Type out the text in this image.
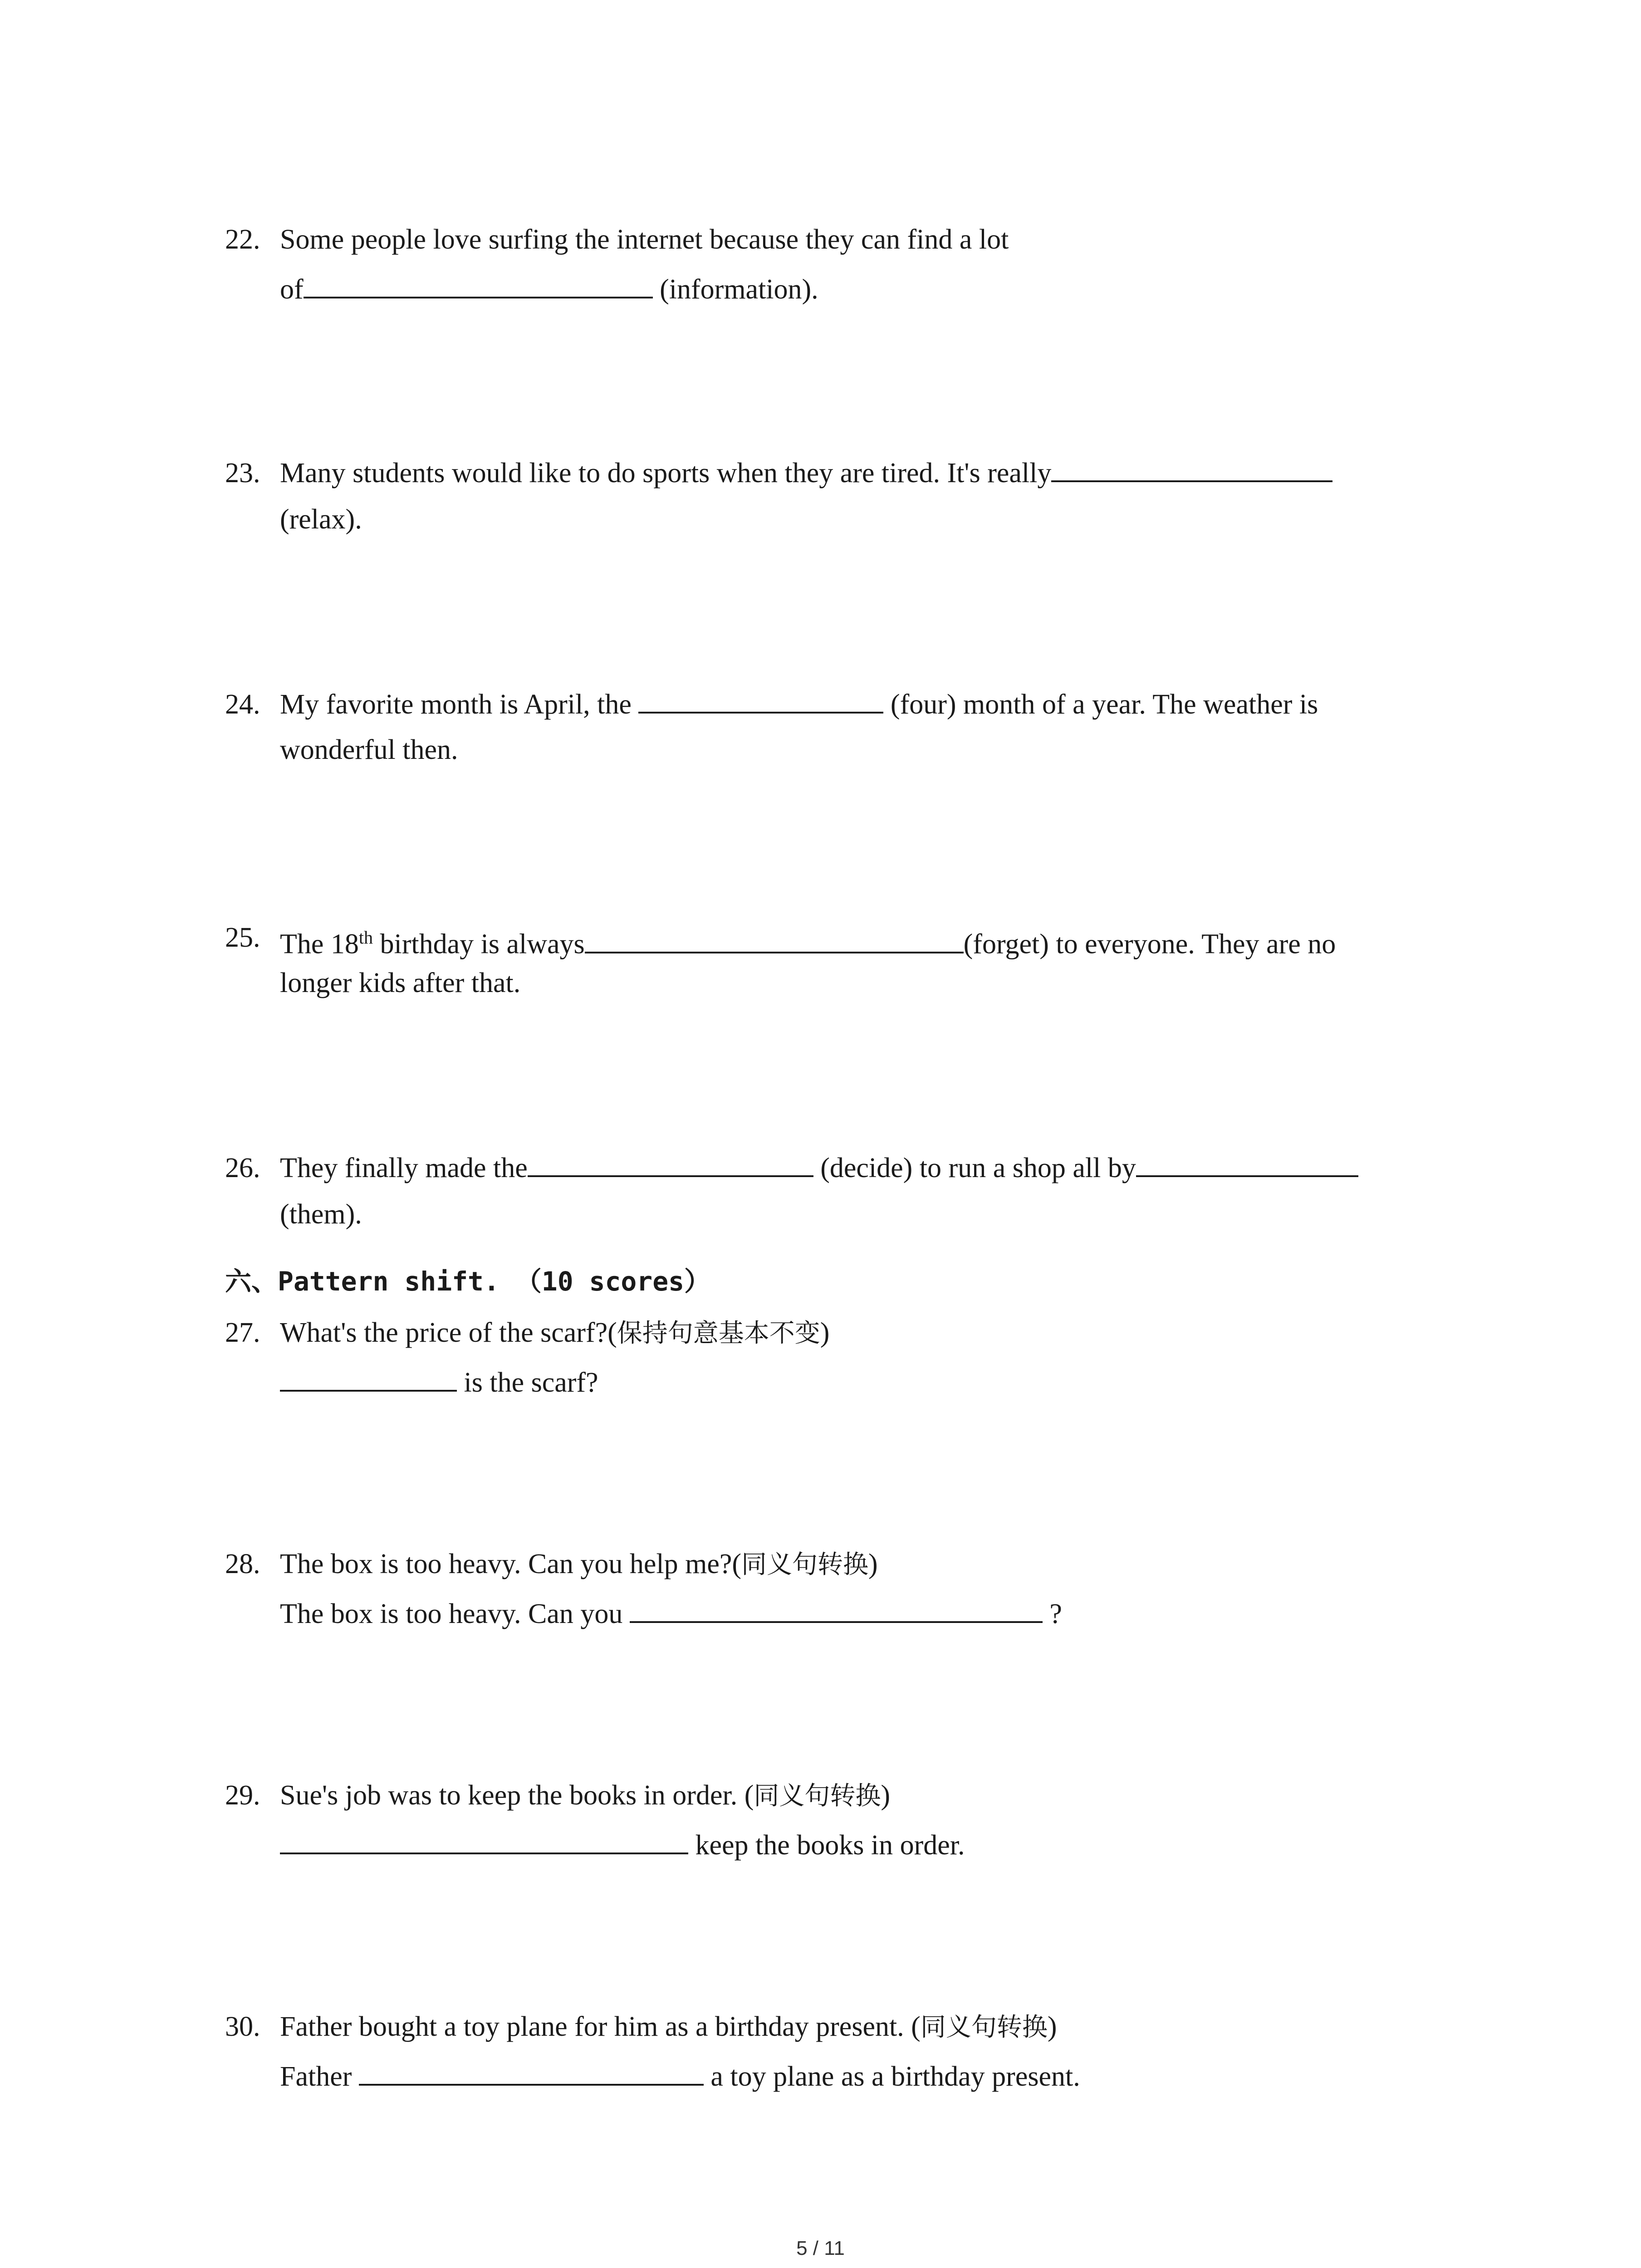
22. Some people love surfing the internet because they can find a lot
of	(information).
23. Many students would like to do sports when they are tired. It's really
(relax).
24. My favorite month is April, the	(four) month of a year. The weather is
wonderful then.
25. The 18th birthday is always	(forget) to everyone. They are no
longer kids after that.
26. They finally made the	(decide) to run a shop all by
(them).
六、Pattern shift. （10 scores）
27. What's the price of the scarf?(保持句意基本不变)
is the scarf?
28. The box is too heavy. Can you help me?(同义句转换)
The box is too heavy. Can you	?
29. Sue's job was to keep the books in order. (同义句转换)
keep the books in order.
30. Father bought a toy plane for him as a birthday present. (同义句转换)
Father	a toy plane as a birthday present.
5 / 11
